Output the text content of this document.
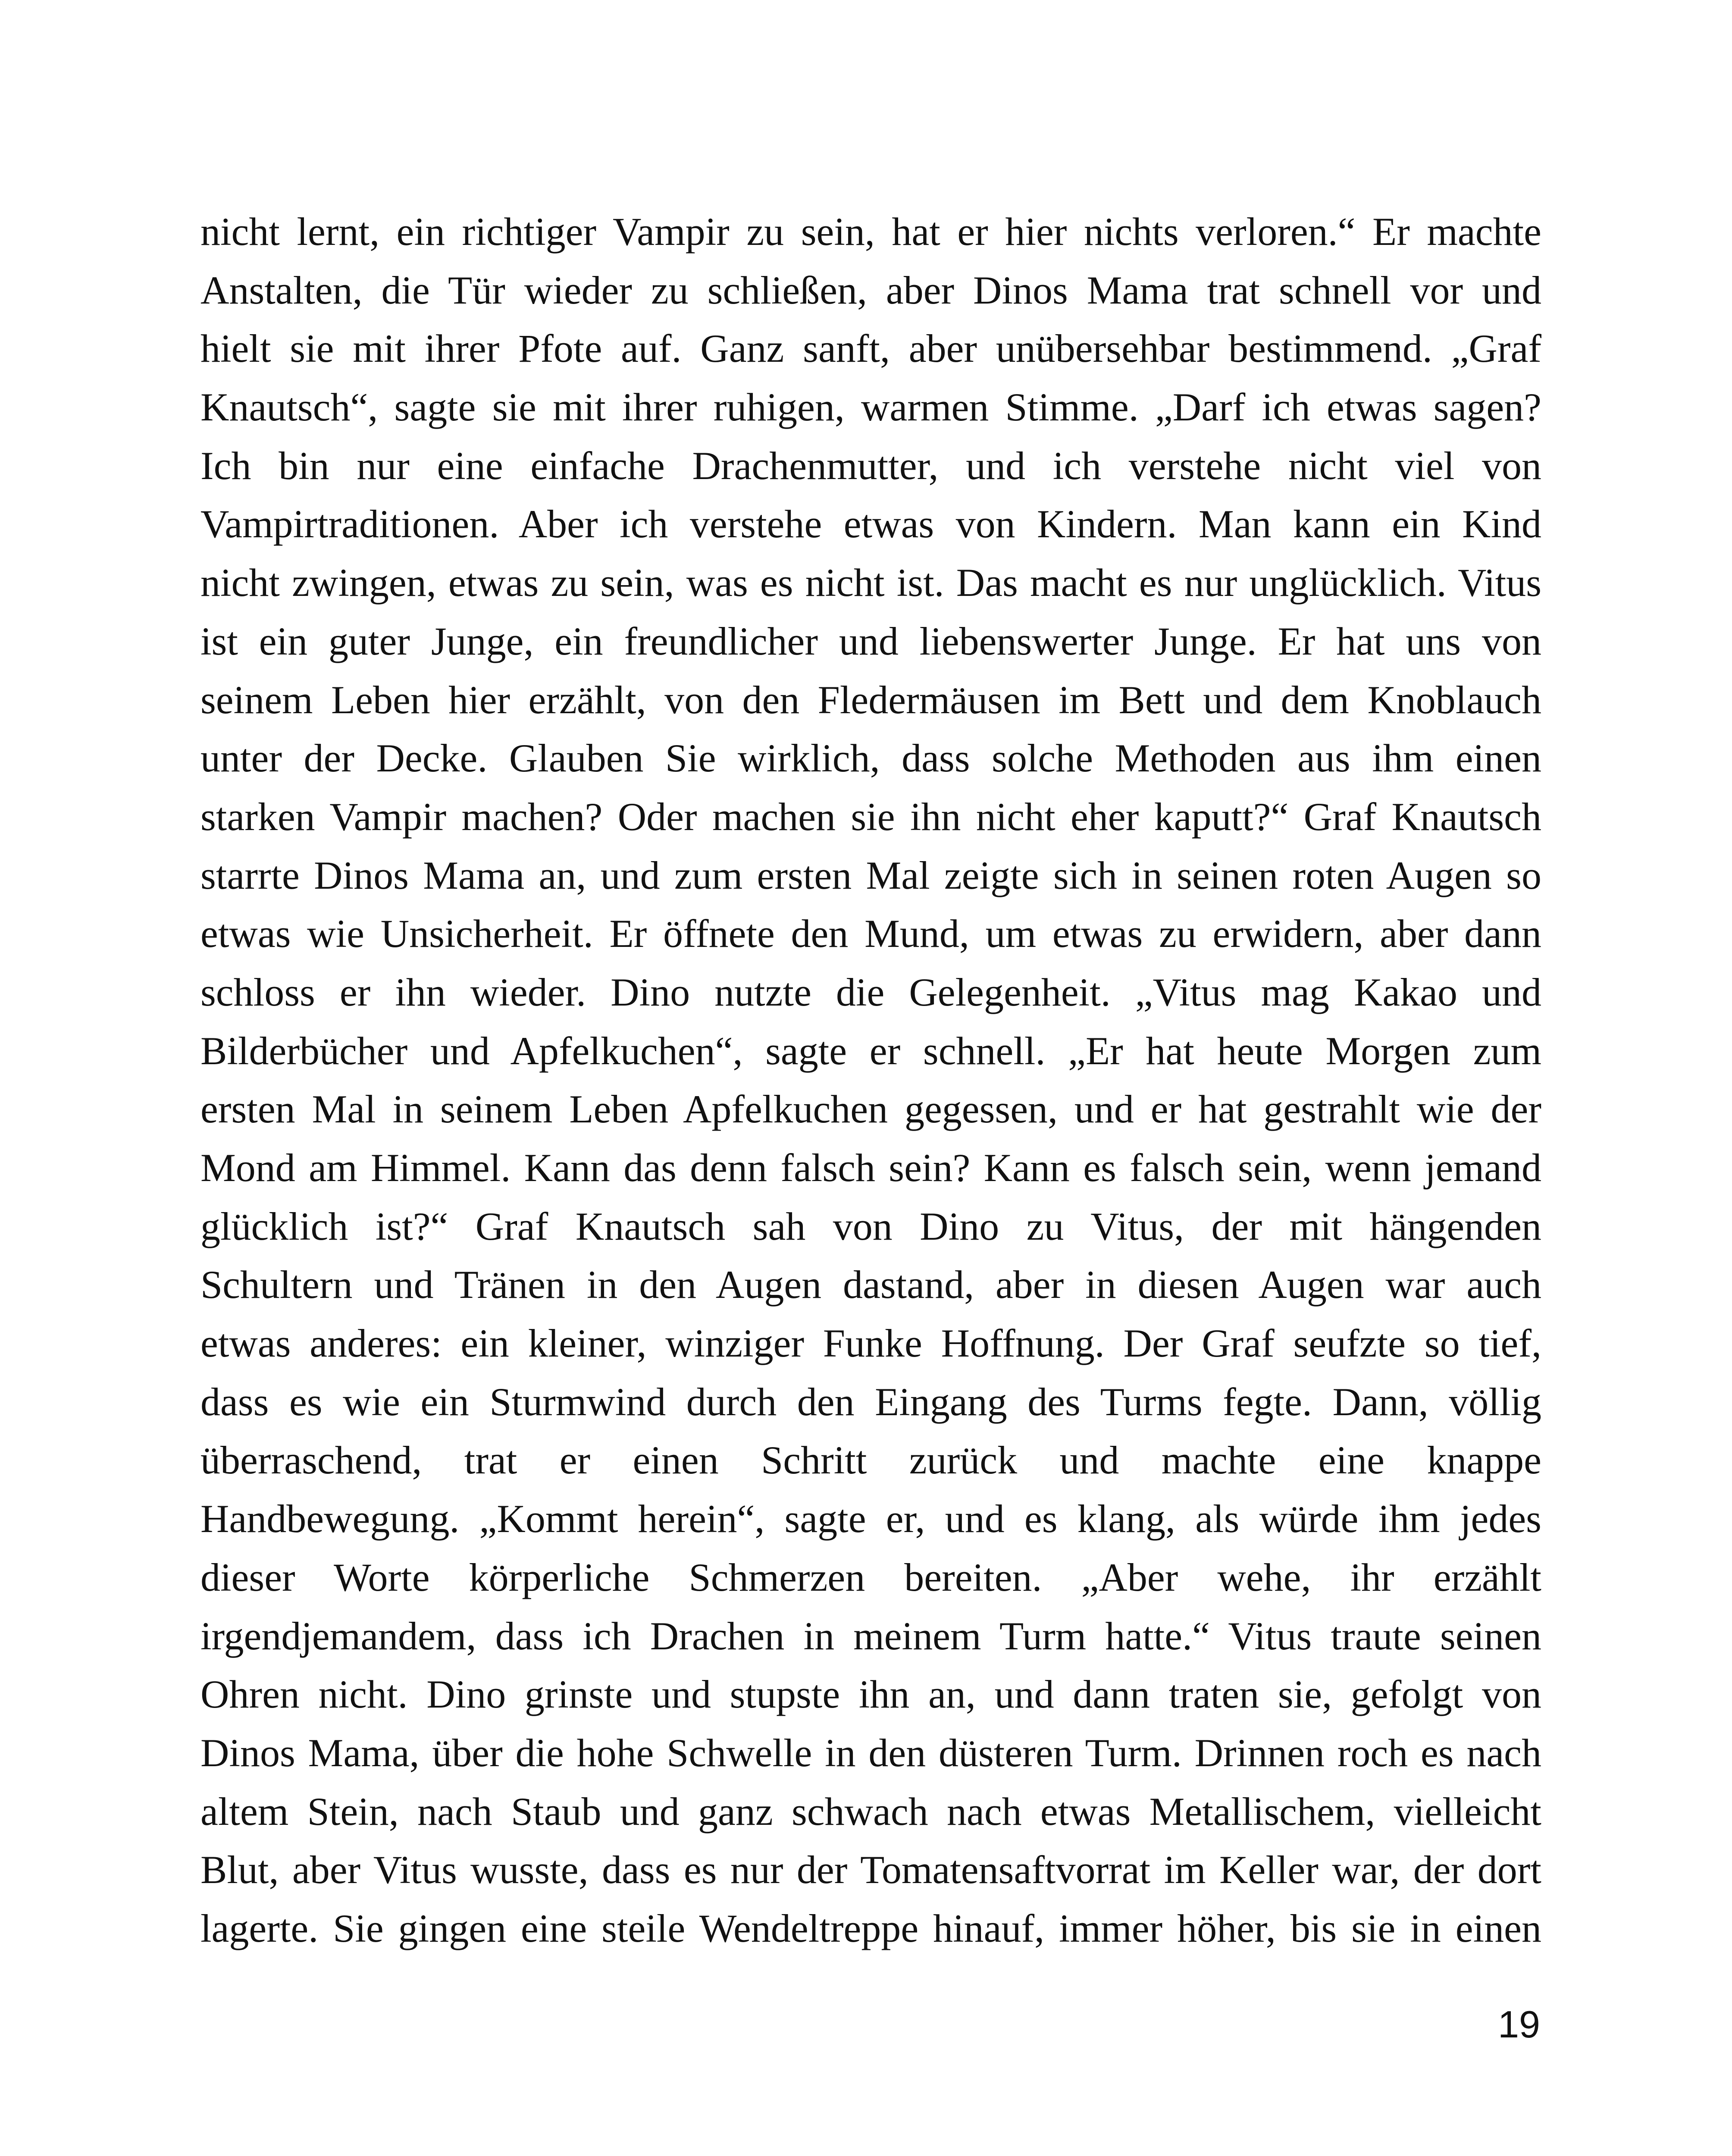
nicht lernt, ein richtiger Vampir zu sein, hat er hier nichts verloren.“ Er machte
Anstalten, die Tür wieder zu schließen, aber Dinos Mama trat schnell vor und
hielt sie mit ihrer Pfote auf. Ganz sanft, aber unübersehbar bestimmend. „Graf
Knautsch“, sagte sie mit ihrer ruhigen, warmen Stimme. „Darf ich etwas sagen?
Ich bin nur eine einfache Drachenmutter, und ich verstehe nicht viel von
Vampirtraditionen. Aber ich verstehe etwas von Kindern. Man kann ein Kind
nicht zwingen, etwas zu sein, was es nicht ist. Das macht es nur unglücklich. Vitus
ist ein guter Junge, ein freundlicher und liebenswerter Junge. Er hat uns von
seinem Leben hier erzählt, von den Fledermäusen im Bett und dem Knoblauch
unter der Decke. Glauben Sie wirklich, dass solche Methoden aus ihm einen
starken Vampir machen? Oder machen sie ihn nicht eher kaputt?“ Graf Knautsch
starrte Dinos Mama an, und zum ersten Mal zeigte sich in seinen roten Augen so
etwas wie Unsicherheit. Er öffnete den Mund, um etwas zu erwidern, aber dann
schloss er ihn wieder. Dino nutzte die Gelegenheit. „Vitus mag Kakao und
Bilderbücher und Apfelkuchen“, sagte er schnell. „Er hat heute Morgen zum
ersten Mal in seinem Leben Apfelkuchen gegessen, und er hat gestrahlt wie der
Mond am Himmel. Kann das denn falsch sein? Kann es falsch sein, wenn jemand
glücklich ist?“ Graf Knautsch sah von Dino zu Vitus, der mit hängenden
Schultern und Tränen in den Augen dastand, aber in diesen Augen war auch
etwas anderes: ein kleiner, winziger Funke Hoffnung. Der Graf seufzte so tief,
dass es wie ein Sturmwind durch den Eingang des Turms fegte. Dann, völlig
überraschend, trat er einen Schritt zurück und machte eine knappe
Handbewegung. „Kommt herein“, sagte er, und es klang, als würde ihm jedes
dieser Worte körperliche Schmerzen bereiten. „Aber wehe, ihr erzählt
irgendjemandem, dass ich Drachen in meinem Turm hatte.“ Vitus traute seinen
Ohren nicht. Dino grinste und stupste ihn an, und dann traten sie, gefolgt von
Dinos Mama, über die hohe Schwelle in den düsteren Turm. Drinnen roch es nach
altem Stein, nach Staub und ganz schwach nach etwas Metallischem, vielleicht
Blut, aber Vitus wusste, dass es nur der Tomatensaftvorrat im Keller war, der dort
lagerte. Sie gingen eine steile Wendeltreppe hinauf, immer höher, bis sie in einen
19
